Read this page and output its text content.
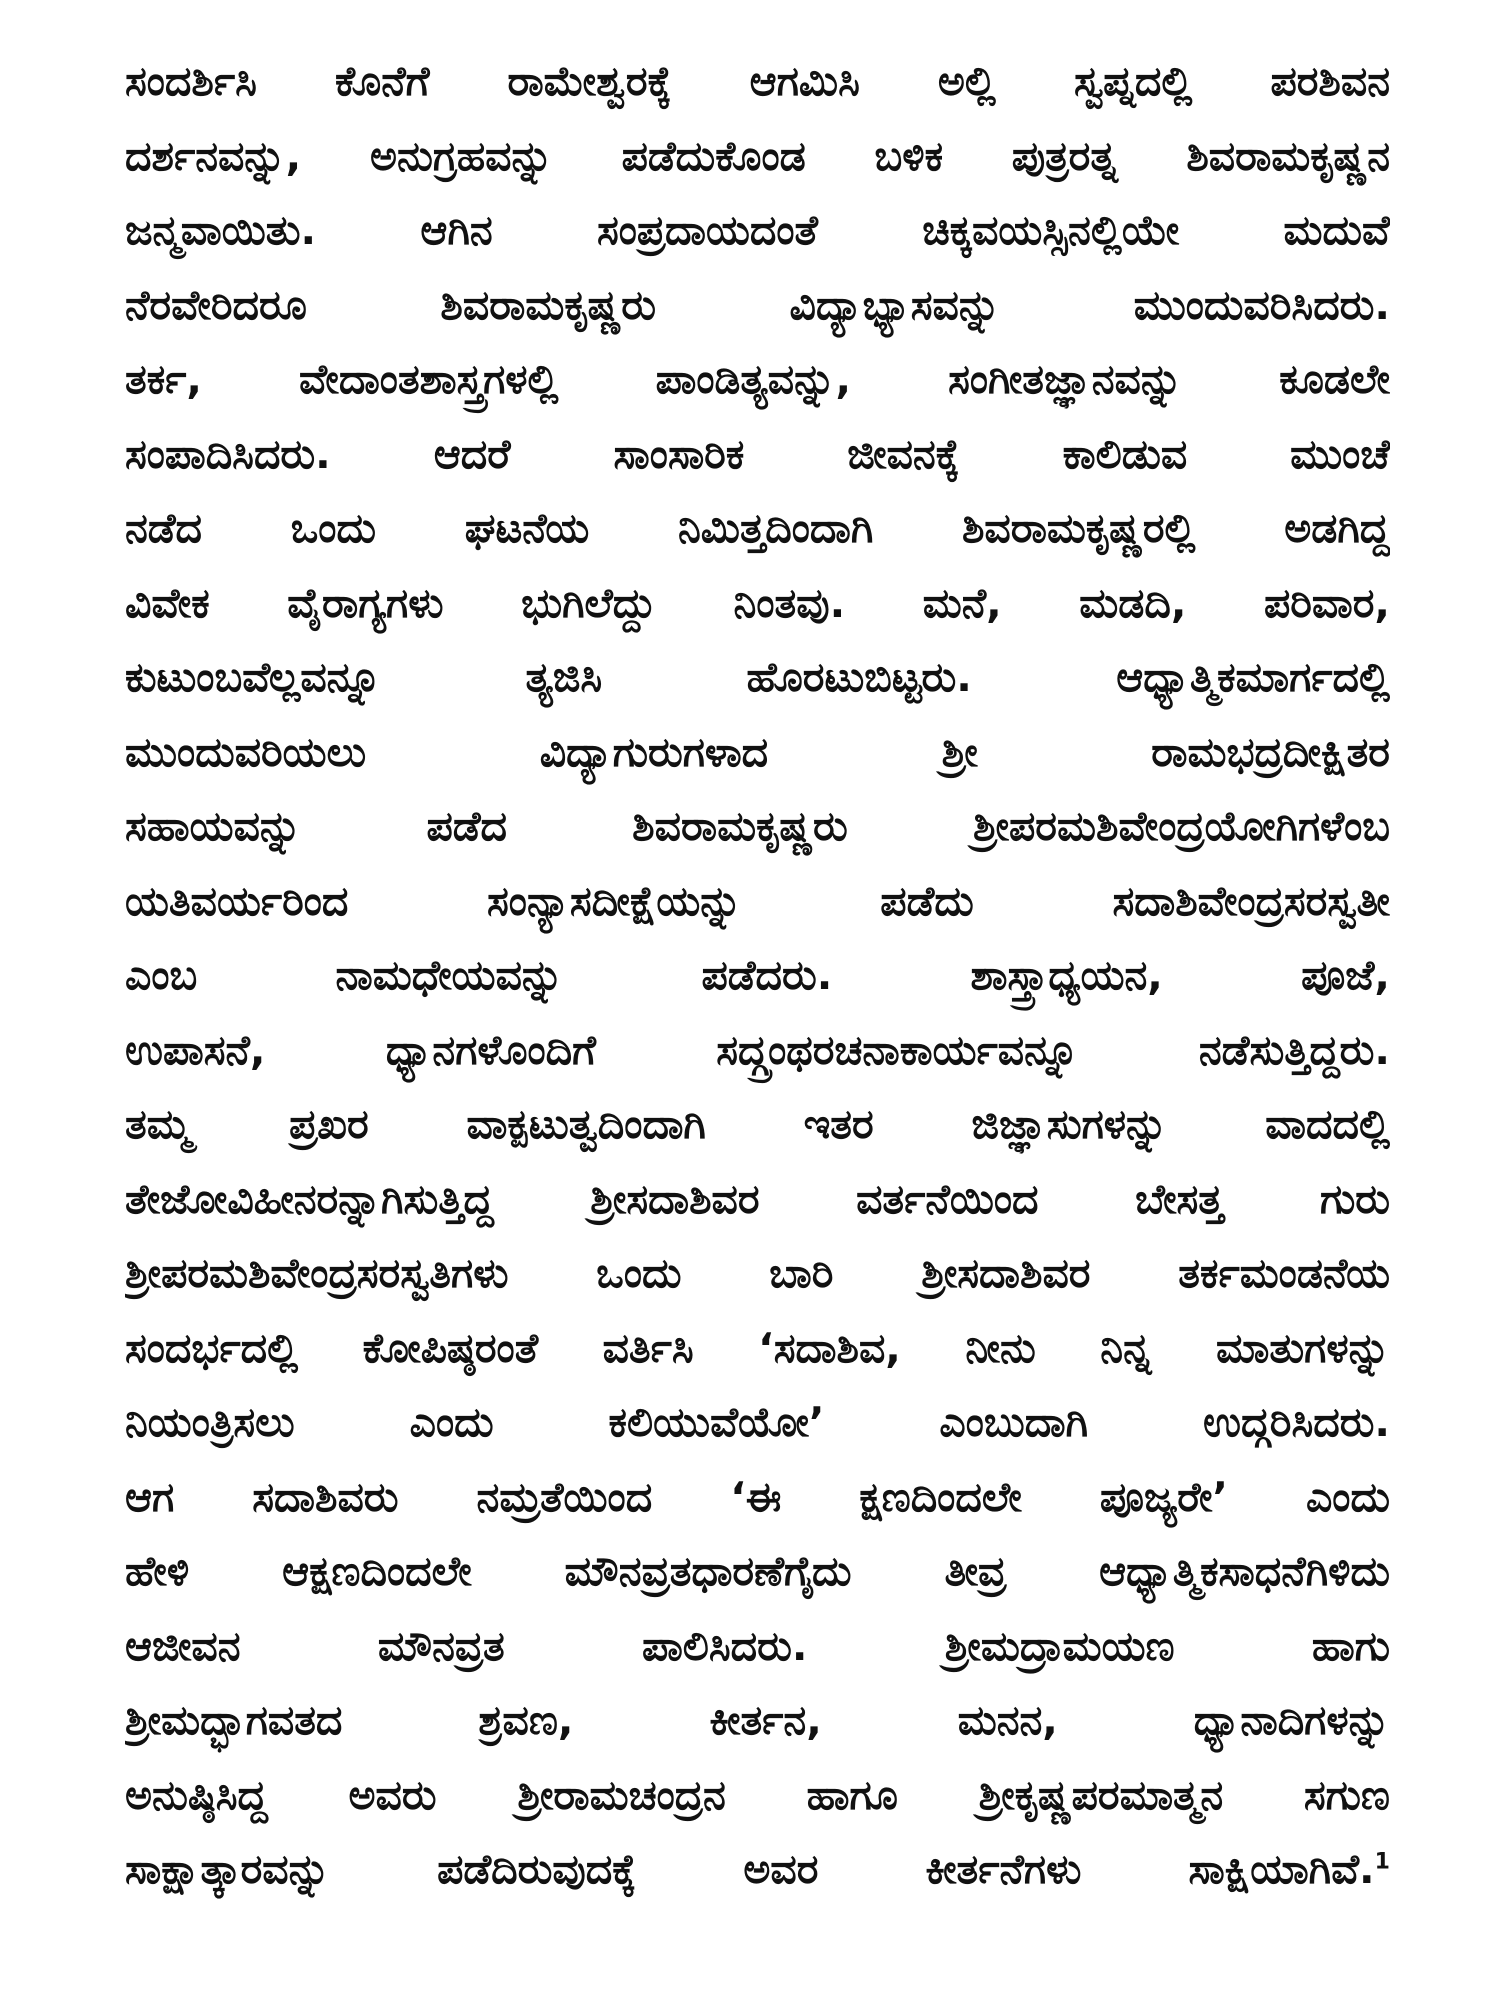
ಸಂದರ್ಶಿಸಿ ಕೊನೆಗೆ ರಾಮೇಶ್ವರಕ್ಕೆ ಆಗಮಿಸಿ ಅಲ್ಲಿ ಸ್ವಪ್ನದಲ್ಲಿ ಪರಶಿವನ
ದರ್ಶನವನ್ನು, ಅನುಗ್ರಹವನ್ನು ಪಡೆದುಕೊಂಡ ಬಳಿಕ ಪುತ್ರರತ್ನ ಶಿವರಾಮಕೃಷ್ಣನ
ಜನ್ಮವಾಯಿತು. ಆಗಿನ ಸಂಪ್ರದಾಯದಂತೆ ಚಿಕ್ಕವಯಸ್ಸಿನಲ್ಲಿಯೇ ಮದುವೆ
ನೆರವೇರಿದರೂ ಶಿವರಾಮಕೃಷ್ಣರು ವಿದ್ಯಾಭ್ಯಾಸವನ್ನು ಮುಂದುವರಿಸಿದರು.
ತರ್ಕ, ವೇದಾಂತಶಾಸ್ತ್ರಗಳಲ್ಲಿ ಪಾಂಡಿತ್ಯವನ್ನು, ಸಂಗೀತಜ್ಞಾನವನ್ನು ಕೂಡಲೇ
ಸಂಪಾದಿಸಿದರು. ಆದರೆ ಸಾಂಸಾರಿಕ ಜೀವನಕ್ಕೆ ಕಾಲಿಡುವ ಮುಂಚೆ
ನಡೆದ ಒಂದು ಘಟನೆಯ ನಿಮಿತ್ತದಿಂದಾಗಿ ಶಿವರಾಮಕೃಷ್ಣರಲ್ಲಿ ಅಡಗಿದ್ದ
ವಿವೇಕ ವೈರಾಗ್ಯಗಳು ಭುಗಿಲೆದ್ದು ನಿಂತವು. ಮನೆ, ಮಡದಿ, ಪರಿವಾರ,
ಕುಟುಂಬವೆಲ್ಲವನ್ನೂ ತ್ಯಜಿಸಿ ಹೊರಟುಬಿಟ್ಟರು. ಆಧ್ಯಾತ್ಮಿಕಮಾರ್ಗದಲ್ಲಿ
ಮುಂದುವರಿಯಲು ವಿದ್ಯಾಗುರುಗಳಾದ ಶ್ರೀ ರಾಮಭದ್ರದೀಕ್ಷಿತರ
ಸಹಾಯವನ್ನು ಪಡೆದ ಶಿವರಾಮಕೃಷ್ಣರು ಶ್ರೀಪರಮಶಿವೇಂದ್ರಯೋಗಿಗಳೆಂಬ
ಯತಿವರ್ಯರಿಂದ ಸಂನ್ಯಾಸದೀಕ್ಷೆಯನ್ನು ಪಡೆದು ಸದಾಶಿವೇಂದ್ರಸರಸ್ವತೀ
ಎಂಬ ನಾಮಧೇಯವನ್ನು ಪಡೆದರು. ಶಾಸ್ತ್ರಾಧ್ಯಯನ, ಪೂಜೆ,
ಉಪಾಸನೆ, ಧ್ಯಾನಗಳೊಂದಿಗೆ ಸದ್ಗ್ರಂಥರಚನಾಕಾರ್ಯವನ್ನೂ ನಡೆಸುತ್ತಿದ್ದರು.
ತಮ್ಮ ಪ್ರಖರ ವಾಕ್ಪಟುತ್ವದಿಂದಾಗಿ ಇತರ ಜಿಜ್ಞಾಸುಗಳನ್ನು ವಾದದಲ್ಲಿ
ತೇಜೋವಿಹೀನರನ್ನಾಗಿಸುತ್ತಿದ್ದ ಶ್ರೀಸದಾಶಿವರ ವರ್ತನೆಯಿಂದ ಬೇಸತ್ತ ಗುರು
ಶ್ರೀಪರಮಶಿವೇಂದ್ರಸರಸ್ವತಿಗಳು ಒಂದು ಬಾರಿ ಶ್ರೀಸದಾಶಿವರ ತರ್ಕಮಂಡನೆಯ
ಸಂದರ್ಭದಲ್ಲಿ ಕೋಪಿಷ್ಠರಂತೆ ವರ್ತಿಸಿ ‘ಸದಾಶಿವ, ನೀನು ನಿನ್ನ ಮಾತುಗಳನ್ನು
ನಿಯಂತ್ರಿಸಲು ಎಂದು ಕಲಿಯುವೆಯೋ’ ಎಂಬುದಾಗಿ ಉದ್ಗರಿಸಿದರು.
ಆಗ ಸದಾಶಿವರು ನಮ್ರತೆಯಿಂದ ‘ಈ ಕ್ಷಣದಿಂದಲೇ ಪೂಜ್ಯರೇ’ ಎಂದು
ಹೇಳಿ ಆಕ್ಷಣದಿಂದಲೇ ಮೌನವ್ರತಧಾರಣೆಗೈದು ತೀವ್ರ ಆಧ್ಯಾತ್ಮಿಕಸಾಧನೆಗಿಳಿದು
ಆಜೀವನ ಮೌನವ್ರತ ಪಾಲಿಸಿದರು. ಶ್ರೀಮದ್ರಾಮಯಣ ಹಾಗು
ಶ್ರೀಮದ್ಭಾಗವತದ ಶ್ರವಣ, ಕೀರ್ತನ, ಮನನ, ಧ್ಯಾನಾದಿಗಳನ್ನು
ಅನುಷ್ಠಿಸಿದ್ದ ಅವರು ಶ್ರೀರಾಮಚಂದ್ರನ ಹಾಗೂ ಶ್ರೀಕೃಷ್ಣಪರಮಾತ್ಮನ ಸಗುಣ
ಸಾಕ್ಷಾತ್ಕಾರವನ್ನು	ಪಡೆದಿರುವುದಕ್ಕೆ	ಅವರ	ಕೀರ್ತನೆಗಳು	ಸಾಕ್ಷಿಯಾಗಿವೆ.$^1$
